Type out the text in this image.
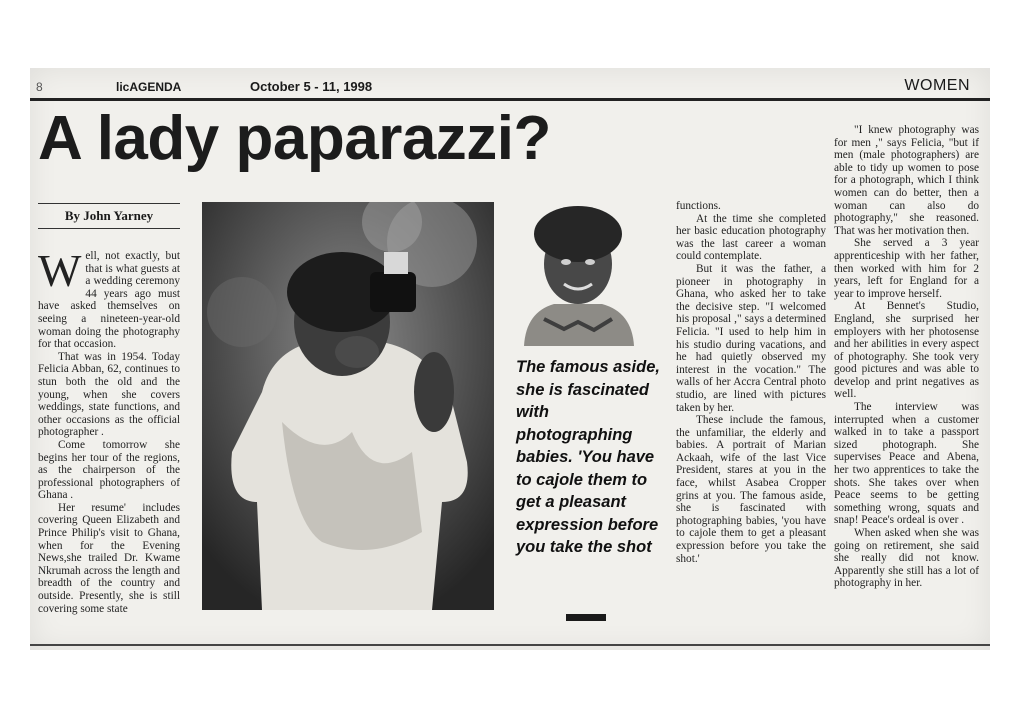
8	licAGENDA	October 5 - 11, 1998	WOMEN
A lady paparazzi?
By John Yarney

Well, not exactly, but that is what guests at a wedding ceremony 44 years ago must have asked themselves on seeing a nineteen-year-old woman doing the photography for that occasion.

That was in 1954. Today Felicia Abban, 62, continues to stun both the old and the young, when she covers weddings, state functions, and other occasions as the official photographer .

Come tomorrow she begins her tour of the regions, as the chairperson of the professional photographers of Ghana .

Her resume' includes covering Queen Elizabeth and Prince Philip's visit to Ghana, when for the Evening News,she trailed Dr. Kwame Nkrumah across the length and breadth of the country and outside. Presently, she is still covering some state

The famous aside, she is fascinated with photographing babies. 'You have to cajole them to get a pleasant expression before you take the shot

functions.

At the time she completed her basic education photography was the last career a woman could contemplate.

But it was the father, a pioneer in photography in Ghana, who asked her to take the decisive step. "I welcomed his proposal ," says a determined Felicia. "I used to help him in his studio during vacations, and he had quietly observed my interest in the vocation." The walls of her Accra Central photo studio, are lined with pictures taken by her.

These include the famous, the unfamiliar, the elderly and babies. A portrait of Marian Ackaah, wife of the last Vice President, stares at you in the face, whilst Asabea Cropper grins at you. The famous aside, she is fascinated with photographing babies, 'you have to cajole them to get a pleasant expression before you take the shot.'

"I knew photography was for men ," says Felicia, "but if men (male photographers) are able to tidy up women to pose for a photograph, which I think women can do better, then a woman can also do photography," she reasoned. That was her motivation then.

She served a 3 year apprenticeship with her father, then worked with him for 2 years, left for England for a year to improve herself.

At Bennet's Studio, England, she surprised her employers with her photosense and her abilities in every aspect of photography. She took very good pictures and was able to develop and print negatives as well.

The interview was interrupted when a customer walked in to take a passport sized photograph. She supervises Peace and Abena, her two apprentices to take the shots. She takes over when Peace seems to be getting something wrong, squats and snap! Peace's ordeal is over .

When asked when she was going on retirement, she said she really did not know. Apparently she still has a lot of photography in her.
